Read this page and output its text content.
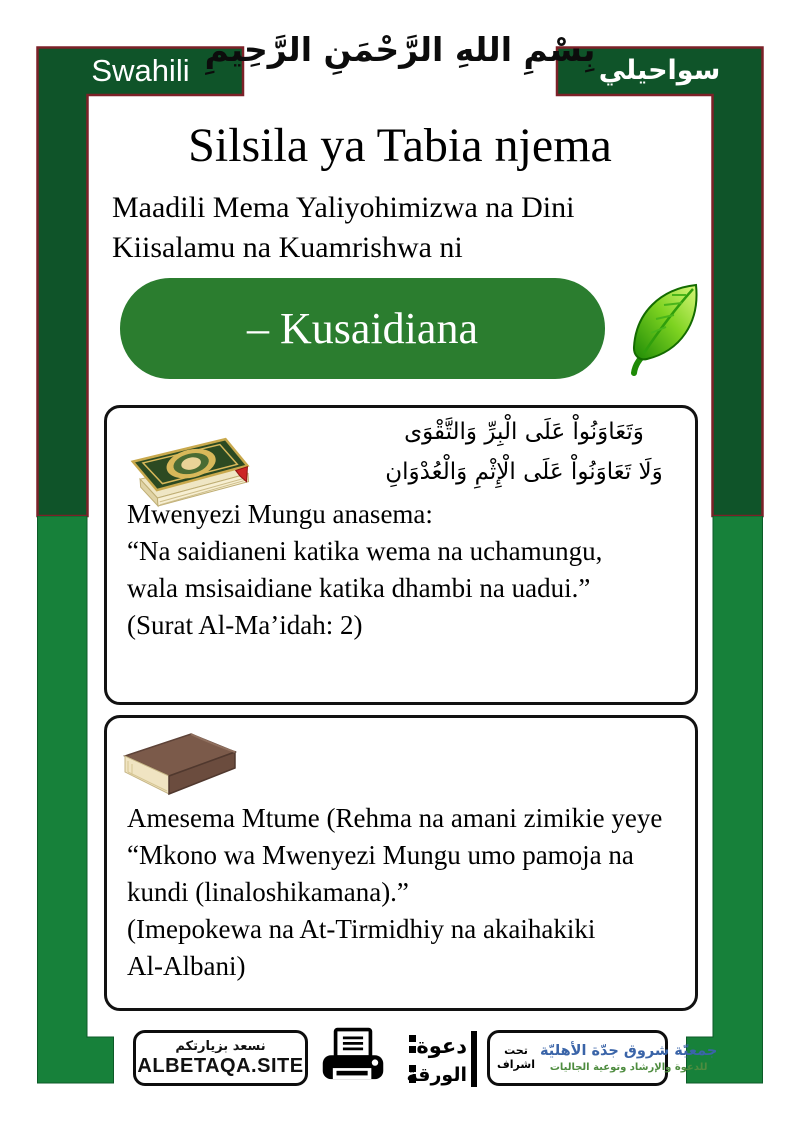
Swahili	سواحيلي
بِسْمِ اللهِ الرَّحْمَنِ الرَّحِيمِ
Silsila ya Tabia njema
Maadili Mema Yaliyohimizwa na Dini
Kiisalamu na Kuamrishwa ni
– Kusaidiana
وَتَعَاوَنُواْ عَلَى الْبِرِّ وَالتَّقْوَى
وَلَا تَعَاوَنُواْ عَلَى الْإِثْمِ وَالْعُدْوَانِ
Mwenyezi Mungu anasema:
“Na saidianeni katika wema na uchamungu,
wala msisaidiane katika dhambi na uadui.”
(Surat Al-Ma’idah: 2)
Amesema Mtume (Rehma na amani zimikie yeye
“Mkono wa Mwenyezi Mungu umo pamoja na
kundi (linaloshikamana).”
(Imepokewa na At-Tirmidhiy na akaihakiki
Al-Albani)
نسعد بزيارتكم
ALBETAQA.SITE
دعوة
الورقة
تحت
اشراف
جمعيّة شروق جدّة الأهليّة
للدعوة والإرشاد وتوعية الجاليات
